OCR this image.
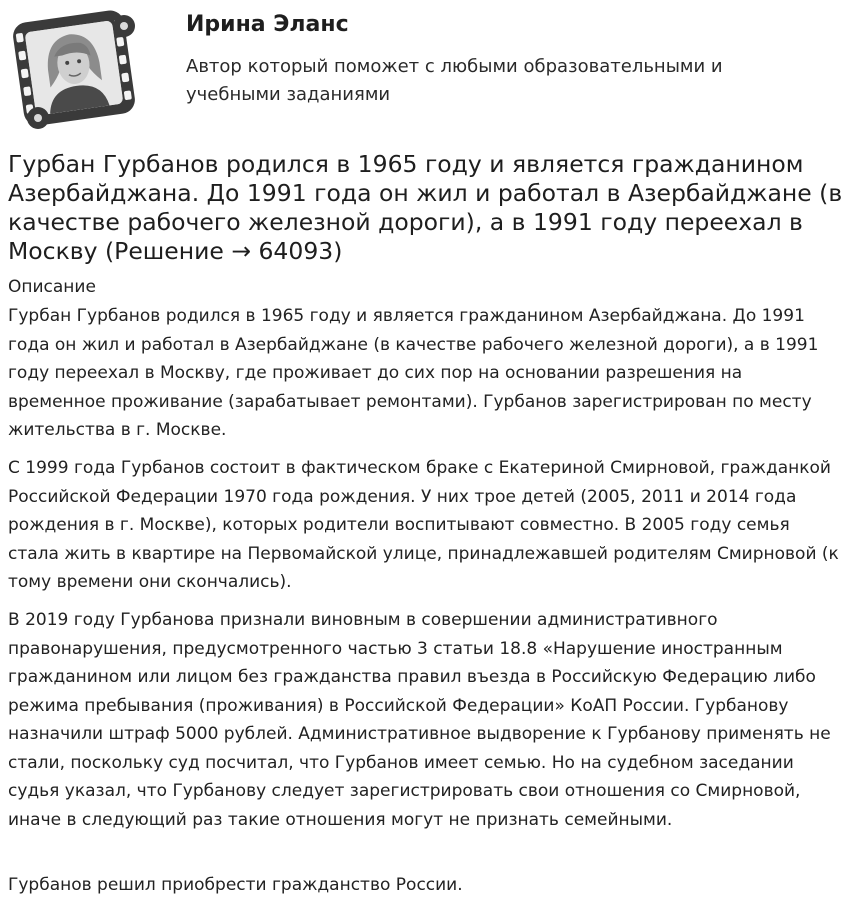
Ирина Эланс
Автор который поможет с любыми образовательными и учебными заданиями
Гурбан Гурбанов родился в 1965 году и является гражданином Азербайджана. До 1991 года он жил и работал в Азербайджане (в качестве рабочего железной дороги), а в 1991 году переехал в Москву (Решение → 64093)
Описание

Гурбан Гурбанов родился в 1965 году и является гражданином Азербайджана. До 1991 года он жил и работал в Азербайджане (в качестве рабочего железной дороги), а в 1991 году переехал в Москву, где проживает до сих пор на основании разрешения на временное проживание (зарабатывает ремонтами). Гурбанов зарегистрирован по месту жительства в г. Москве.

С 1999 года Гурбанов состоит в фактическом браке с Екатериной Смирновой, гражданкой Российской Федерации 1970 года рождения. У них трое детей (2005, 2011 и 2014 года рождения в г. Москве), которых родители воспитывают совместно. В 2005 году семья стала жить в квартире на Первомайской улице, принадлежавшей родителям Смирновой (к тому времени они скончались).

В 2019 году Гурбанова признали виновным в совершении административного правонарушения, предусмотренного частью 3 статьи 18.8 «Нарушение иностранным гражданином или лицом без гражданства правил въезда в Российскую Федерацию либо режима пребывания (проживания) в Российской Федерации» КоАП России. Гурбанову назначили штраф 5000 рублей. Административное выдворение к Гурбанову применять не стали, поскольку суд посчитал, что Гурбанов имеет семью. Но на судебном заседании судья указал, что Гурбанову следует зарегистрировать свои отношения со Смирновой, иначе в следующий раз такие отношения могут не признать семейными.

Гурбанов решил приобрести гражданство России.
